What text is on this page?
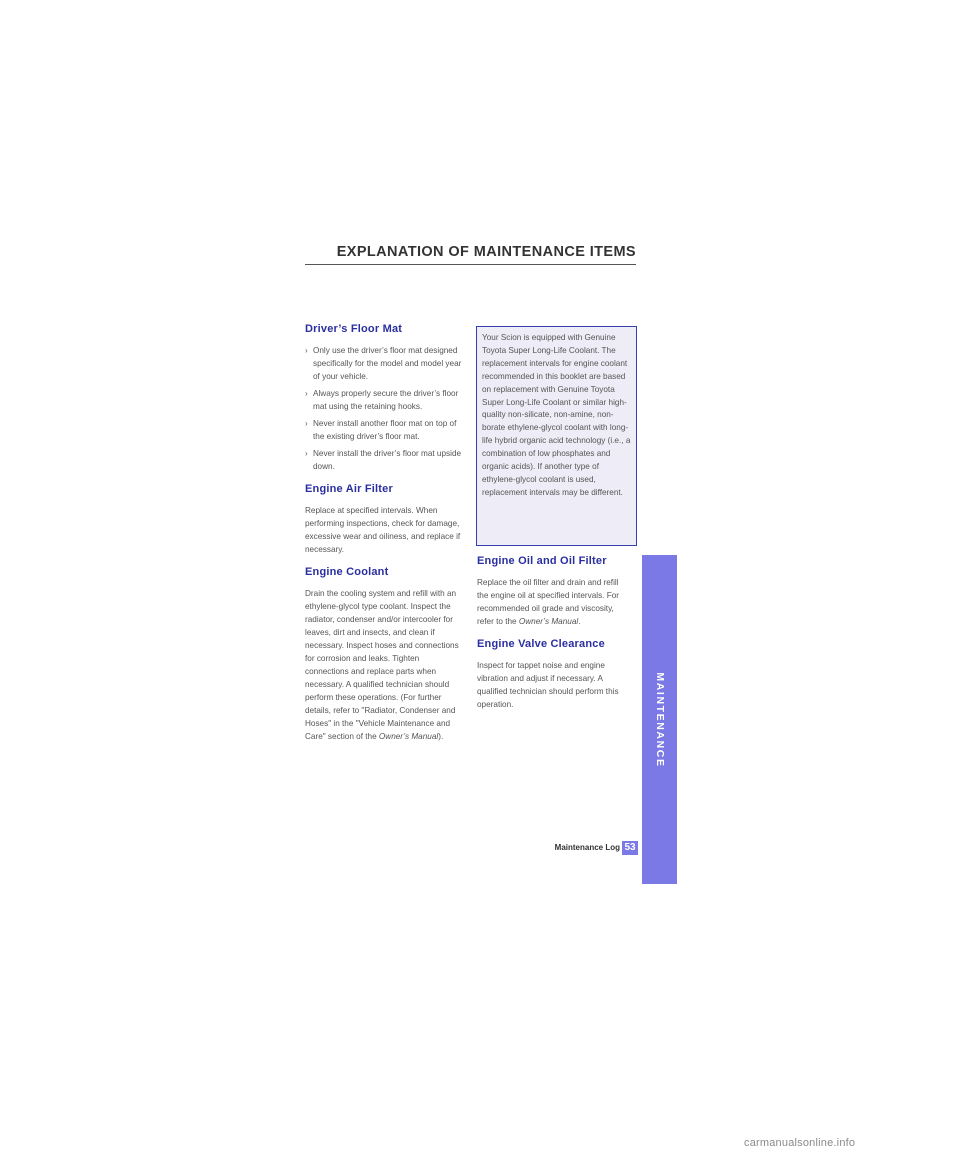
EXPLANATION OF MAINTENANCE ITEMS
Driver’s Floor Mat
› Only use the driver’s floor mat designed specifically for the model and model year of your vehicle.
› Always properly secure the driver’s floor mat using the retaining hooks.
› Never install another floor mat on top of the existing driver’s floor mat.
› Never install the driver’s floor mat upside down.
Engine Air Filter

Replace at specified intervals. When performing inspections, check for damage, excessive wear and oiliness, and replace if necessary.

Engine Coolant

Drain the cooling system and refill with an ethylene-glycol type coolant. Inspect the radiator, condenser and/or intercooler for leaves, dirt and insects, and clean if necessary. Inspect hoses and connections for corrosion and leaks. Tighten connections and replace parts when necessary. A qualified technician should perform these operations. (For further details, refer to "Radiator, Condenser and Hoses" in the "Vehicle Maintenance and Care" section of the Owner’s Manual).

Your Scion is equipped with Genuine Toyota Super Long-Life Coolant. The replacement intervals for engine coolant recommended in this booklet are based on replacement with Genuine Toyota Super Long-Life Coolant or similar high-quality non-silicate, non-amine, non-borate ethylene-glycol coolant with long-life hybrid organic acid technology (i.e., a combination of low phosphates and organic acids). If another type of ethylene-glycol coolant is used, replacement intervals may be different.

Engine Oil and Oil Filter

Replace the oil filter and drain and refill the engine oil at specified intervals. For recommended oil grade and viscosity, refer to the Owner’s Manual.

Engine Valve Clearance

Inspect for tappet noise and engine vibration and adjust if necessary. A qualified technician should perform this operation.	MAINTENANCE
Maintenance Log 53
carmanualsonline.info
